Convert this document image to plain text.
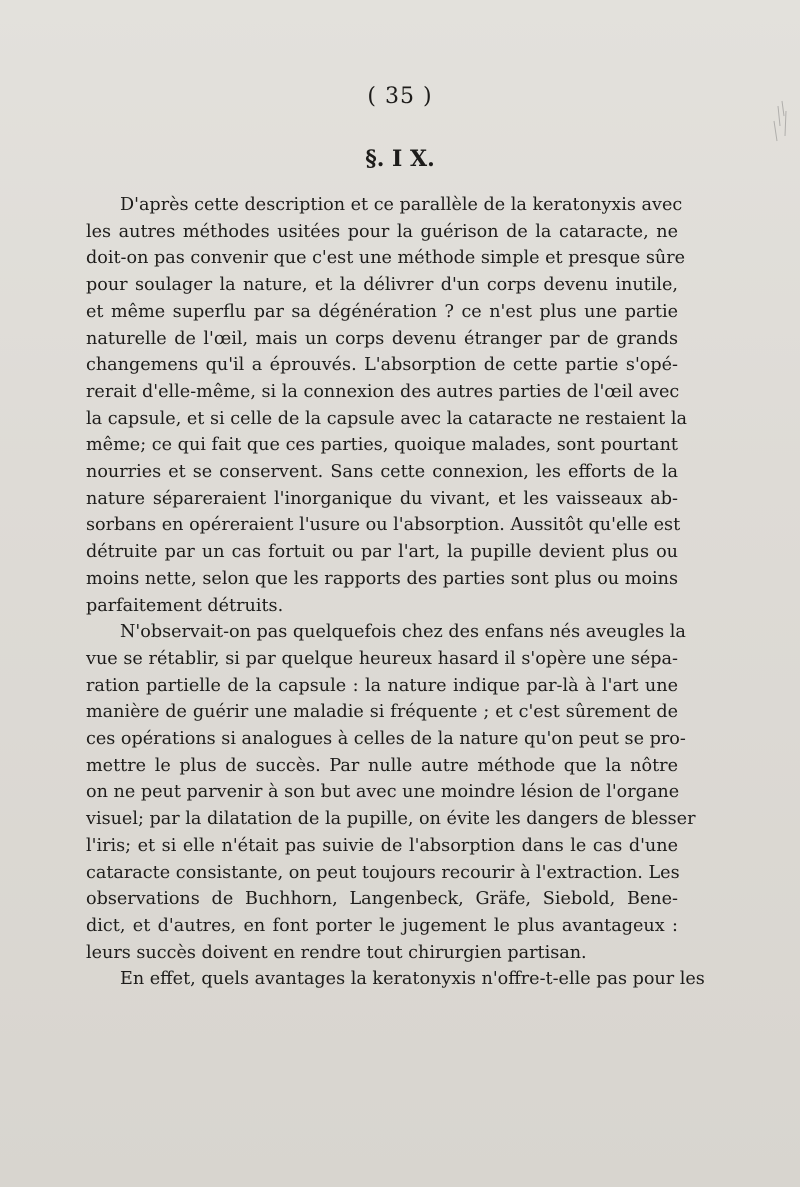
( 35 )
§. I X.
D'après cette description et ce parallèle de la keratonyxis avec
les autres méthodes usitées pour la guérison de la cataracte, ne
doit-on pas convenir que c'est une méthode simple et presque sûre
pour soulager la nature, et la délivrer d'un corps devenu inutile,
et même superflu par sa dégénération ? ce n'est plus une partie
naturelle de l'œil, mais un corps devenu étranger par de grands
changemens qu'il a éprouvés. L'absorption de cette partie s'opé-
rerait d'elle-même, si la connexion des autres parties de l'œil avec
la capsule, et si celle de la capsule avec la cataracte ne restaient la
même; ce qui fait que ces parties, quoique malades, sont pourtant
nourries et se conservent. Sans cette connexion, les efforts de la
nature sépareraient l'inorganique du vivant, et les vaisseaux ab-
sorbans en opéreraient l'usure ou l'absorption. Aussitôt qu'elle est
détruite par un cas fortuit ou par l'art, la pupille devient plus ou
moins nette, selon que les rapports des parties sont plus ou moins
parfaitement détruits.
N'observait-on pas quelquefois chez des enfans nés aveugles la
vue se rétablir, si par quelque heureux hasard il s'opère une sépa-
ration partielle de la capsule : la nature indique par-là à l'art une
manière de guérir une maladie si fréquente ; et c'est sûrement de
ces opérations si analogues à celles de la nature qu'on peut se pro-
mettre le plus de succès. Par nulle autre méthode que la nôtre
on ne peut parvenir à son but avec une moindre lésion de l'organe
visuel; par la dilatation de la pupille, on évite les dangers de blesser
l'iris; et si elle n'était pas suivie de l'absorption dans le cas d'une
cataracte consistante, on peut toujours recourir à l'extraction. Les
observations de Buchhorn, Langenbeck, Gräfe, Siebold, Bene-
dict, et d'autres, en font porter le jugement le plus avantageux :
leurs succès doivent en rendre tout chirurgien partisan.
En effet, quels avantages la keratonyxis n'offre-t-elle pas pour les
